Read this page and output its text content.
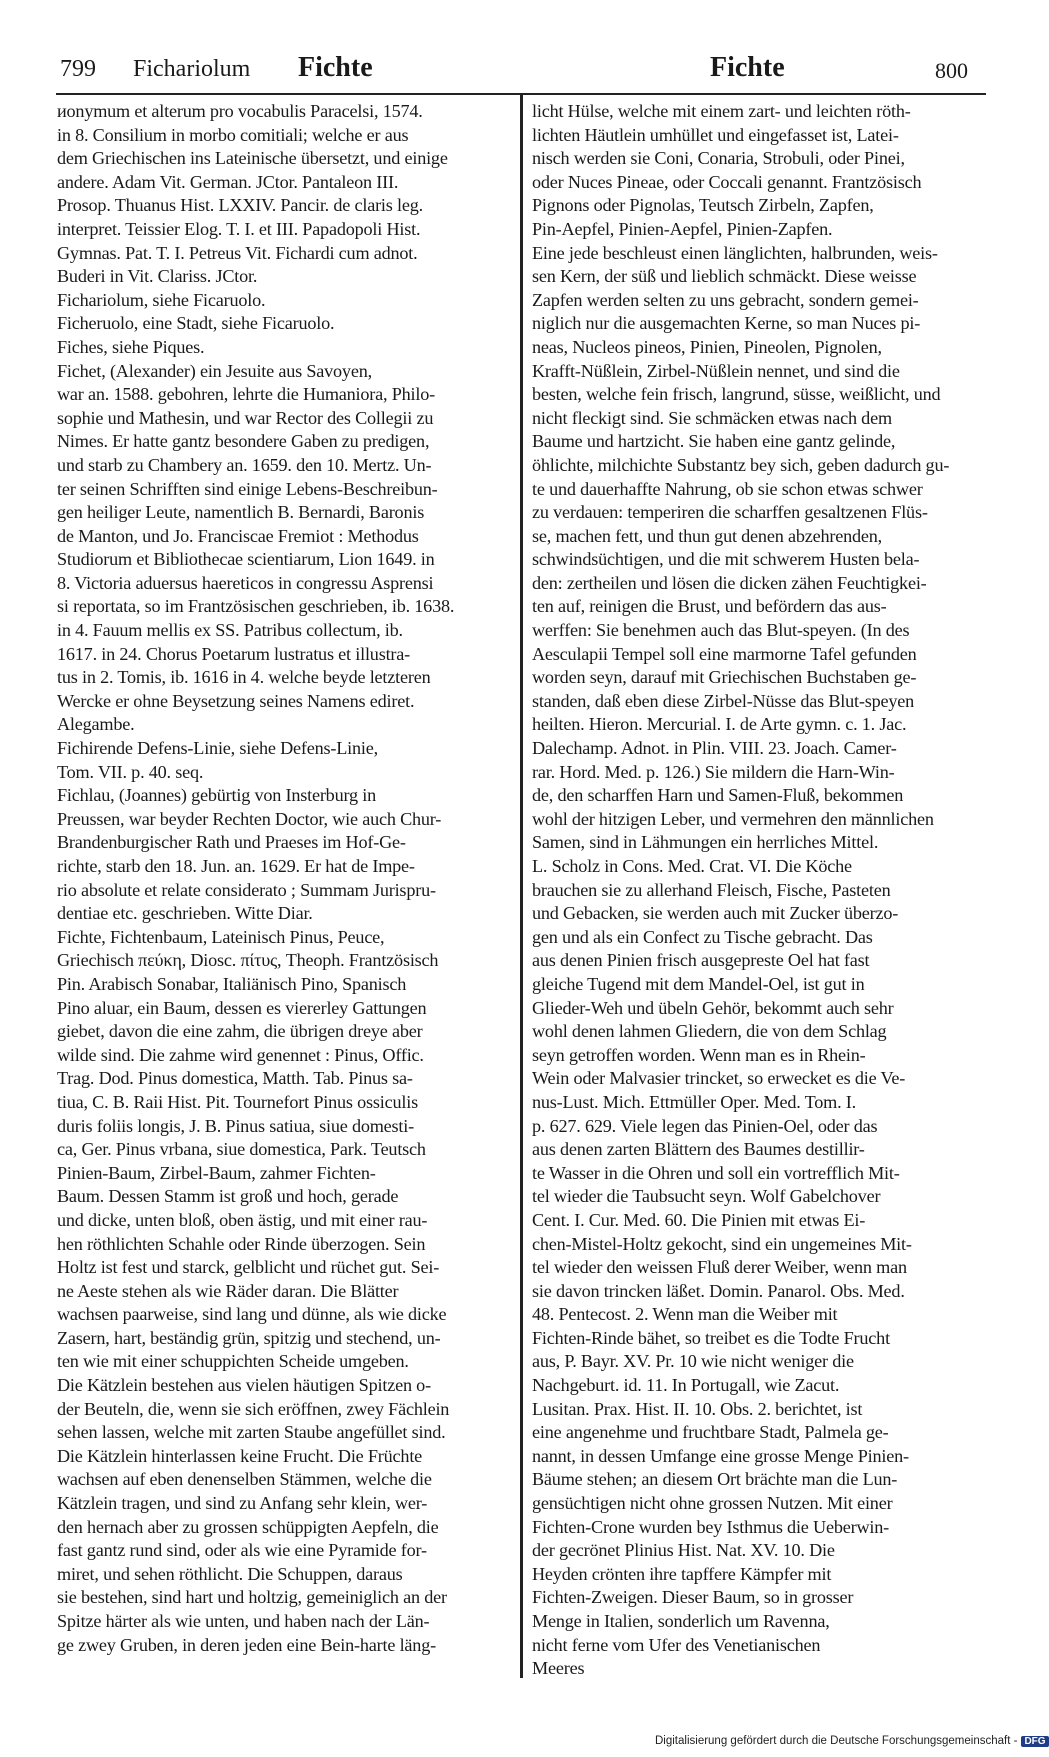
799 Fichariolum Fichte	Fichte	800
ᴎonymum et alterum pro vocabulis Paracelsi, 1574.
in 8. Consilium in morbo comitiali; welche er aus
dem Griechischen ins Lateinische übersetzt, und einige
andere. Adam Vit. German. JCtor. Pantaleon III.
Prosop. Thuanus Hist. LXXIV. Pancir. de claris leg.
interpret. Teissier Elog. T. I. et III. Papadopoli Hist.
Gymnas. Pat. T. I. Petreus Vit. Fichardi cum adnot.
Buderi in Vit. Clariss. JCtor.
Fichariolum, siehe Ficaruolo.
Ficheruolo, eine Stadt, siehe Ficaruolo.
Fiches, siehe Piques.
Fichet, (Alexander) ein Jesuite aus Savoyen,
war an. 1588. gebohren, lehrte die Humaniora, Philo-
sophie und Mathesin, und war Rector des Collegii zu
Nimes. Er hatte gantz besondere Gaben zu predigen,
und starb zu Chambery an. 1659. den 10. Mertz. Un-
ter seinen Schrifften sind einige Lebens-Beschreibun-
gen heiliger Leute, namentlich B. Bernardi, Baronis
de Manton, und Jo. Franciscae Fremiot : Methodus
Studiorum et Bibliothecae scientiarum, Lion 1649. in
8. Victoria aduersus haereticos in congressu Asprensi
si reportata, so im Frantzösischen geschrieben, ib. 1638.
in 4. Fauum mellis ex SS. Patribus collectum, ib.
1617. in 24. Chorus Poetarum lustratus et illustra-
tus in 2. Tomis, ib. 1616 in 4. welche beyde letzteren
Wercke er ohne Beysetzung seines Namens ediret.
Alegambe.
Fichirende Defens-Linie, siehe Defens-Linie,
Tom. VII. p. 40. seq.
Fichlau, (Joannes) gebürtig von Insterburg in
Preussen, war beyder Rechten Doctor, wie auch Chur-
Brandenburgischer Rath und Praeses im Hof-Ge-
richte, starb den 18. Jun. an. 1629. Er hat de Impe-
rio absolute et relate considerato ; Summam Jurispru-
dentiae etc. geschrieben. Witte Diar.
Fichte, Fichtenbaum, Lateinisch Pinus, Peuce,
Griechisch πεύκη, Diosc. πίτυς, Theoph. Frantzösisch
Pin. Arabisch Sonabar, Italiänisch Pino, Spanisch
Pino aluar, ein Baum, dessen es viererley Gattungen
giebet, davon die eine zahm, die übrigen dreye aber
wilde sind. Die zahme wird genennet : Pinus, Offic.
Trag. Dod. Pinus domestica, Matth. Tab. Pinus sa-
tiua, C. B. Raii Hist. Pit. Tournefort Pinus ossiculis
duris foliis longis, J. B. Pinus satiua, siue domesti-
ca, Ger. Pinus vrbana, siue domestica, Park. Teutsch
Pinien-Baum, Zirbel-Baum, zahmer Fichten-
Baum. Dessen Stamm ist groß und hoch, gerade
und dicke, unten bloß, oben ästig, und mit einer rau-
hen röthlichten Schahle oder Rinde überzogen. Sein
Holtz ist fest und starck, gelblicht und rüchet gut. Sei-
ne Aeste stehen als wie Räder daran. Die Blätter
wachsen paarweise, sind lang und dünne, als wie dicke
Zasern, hart, beständig grün, spitzig und stechend, un-
ten wie mit einer schuppichten Scheide umgeben.
Die Kätzlein bestehen aus vielen häutigen Spitzen o-
der Beuteln, die, wenn sie sich eröffnen, zwey Fächlein
sehen lassen, welche mit zarten Staube angefüllet sind.
Die Kätzlein hinterlassen keine Frucht. Die Früchte
wachsen auf eben denenselben Stämmen, welche die
Kätzlein tragen, und sind zu Anfang sehr klein, wer-
den hernach aber zu grossen schüppigten Aepfeln, die
fast gantz rund sind, oder als wie eine Pyramide for-
miret, und sehen röthlicht. Die Schuppen, daraus
sie bestehen, sind hart und holtzig, gemeiniglich an der
Spitze härter als wie unten, und haben nach der Län-
ge zwey Gruben, in deren jeden eine Bein-harte läng-
licht Hülse, welche mit einem zart- und leichten röth-
lichten Häutlein umhüllet und eingefasset ist, Latei-
nisch werden sie Coni, Conaria, Strobuli, oder Pinei,
oder Nuces Pineae, oder Coccali genannt. Frantzösisch
Pignons oder Pignolas, Teutsch Zirbeln, Zapfen,
Pin-Aepfel, Pinien-Aepfel, Pinien-Zapfen.
Eine jede beschleust einen länglichten, halbrunden, weis-
sen Kern, der süß und lieblich schmäckt. Diese weisse
Zapfen werden selten zu uns gebracht, sondern gemei-
niglich nur die ausgemachten Kerne, so man Nuces pi-
neas, Nucleos pineos, Pinien, Pineolen, Pignolen,
Krafft-Nüßlein, Zirbel-Nüßlein nennet, und sind die
besten, welche fein frisch, langrund, süsse, weißlicht, und
nicht fleckigt sind. Sie schmäcken etwas nach dem
Baume und hartzicht. Sie haben eine gantz gelinde,
öhlichte, milchichte Substantz bey sich, geben dadurch gu-
te und dauerhaffte Nahrung, ob sie schon etwas schwer
zu verdauen: temperiren die scharffen gesaltzenen Flüs-
se, machen fett, und thun gut denen abzehrenden,
schwindsüchtigen, und die mit schwerem Husten bela-
den: zertheilen und lösen die dicken zähen Feuchtigkei-
ten auf, reinigen die Brust, und befördern das aus-
werffen: Sie benehmen auch das Blut-speyen. (In des
Aesculapii Tempel soll eine marmorne Tafel gefunden
worden seyn, darauf mit Griechischen Buchstaben ge-
standen, daß eben diese Zirbel-Nüsse das Blut-speyen
heilten. Hieron. Mercurial. I. de Arte gymn. c. 1. Jac.
Dalechamp. Adnot. in Plin. VIII. 23. Joach. Camer-
rar. Hord. Med. p. 126.) Sie mildern die Harn-Win-
de, den scharffen Harn und Samen-Fluß, bekommen
wohl der hitzigen Leber, und vermehren den männlichen
Samen, sind in Lähmungen ein herrliches Mittel.
L. Scholz in Cons. Med. Crat. VI. Die Köche
brauchen sie zu allerhand Fleisch, Fische, Pasteten
und Gebacken, sie werden auch mit Zucker überzo-
gen und als ein Confect zu Tische gebracht. Das
aus denen Pinien frisch ausgepreste Oel hat fast
gleiche Tugend mit dem Mandel-Oel, ist gut in
Glieder-Weh und übeln Gehör, bekommt auch sehr
wohl denen lahmen Gliedern, die von dem Schlag
seyn getroffen worden. Wenn man es in Rhein-
Wein oder Malvasier trincket, so erwecket es die Ve-
nus-Lust. Mich. Ettmüller Oper. Med. Tom. I.
p. 627. 629. Viele legen das Pinien-Oel, oder das
aus denen zarten Blättern des Baumes destillir-
te Wasser in die Ohren und soll ein vortrefflich Mit-
tel wieder die Taubsucht seyn. Wolf Gabelchover
Cent. I. Cur. Med. 60. Die Pinien mit etwas Ei-
chen-Mistel-Holtz gekocht, sind ein ungemeines Mit-
tel wieder den weissen Fluß derer Weiber, wenn man
sie davon trincken läßet. Domin. Panarol. Obs. Med.
48. Pentecost. 2. Wenn man die Weiber mit
Fichten-Rinde bähet, so treibet es die Todte Frucht
aus, P. Bayr. XV. Pr. 10 wie nicht weniger die
Nachgeburt. id. 11. In Portugall, wie Zacut.
Lusitan. Prax. Hist. II. 10. Obs. 2. berichtet, ist
eine angenehme und fruchtbare Stadt, Palmela ge-
nannt, in dessen Umfange eine grosse Menge Pinien-
Bäume stehen; an diesem Ort brächte man die Lun-
gensüchtigen nicht ohne grossen Nutzen. Mit einer
Fichten-Crone wurden bey Isthmus die Ueberwin-
der gecrönet Plinius Hist. Nat. XV. 10. Die
Heyden crönten ihre tapffere Kämpfer mit
Fichten-Zweigen. Dieser Baum, so in grosser
Menge in Italien, sonderlich um Ravenna,
nicht ferne vom Ufer des Venetianischen
Meeres
Digitalisierung gefördert durch die Deutsche Forschungsgemeinschaft - DFG
